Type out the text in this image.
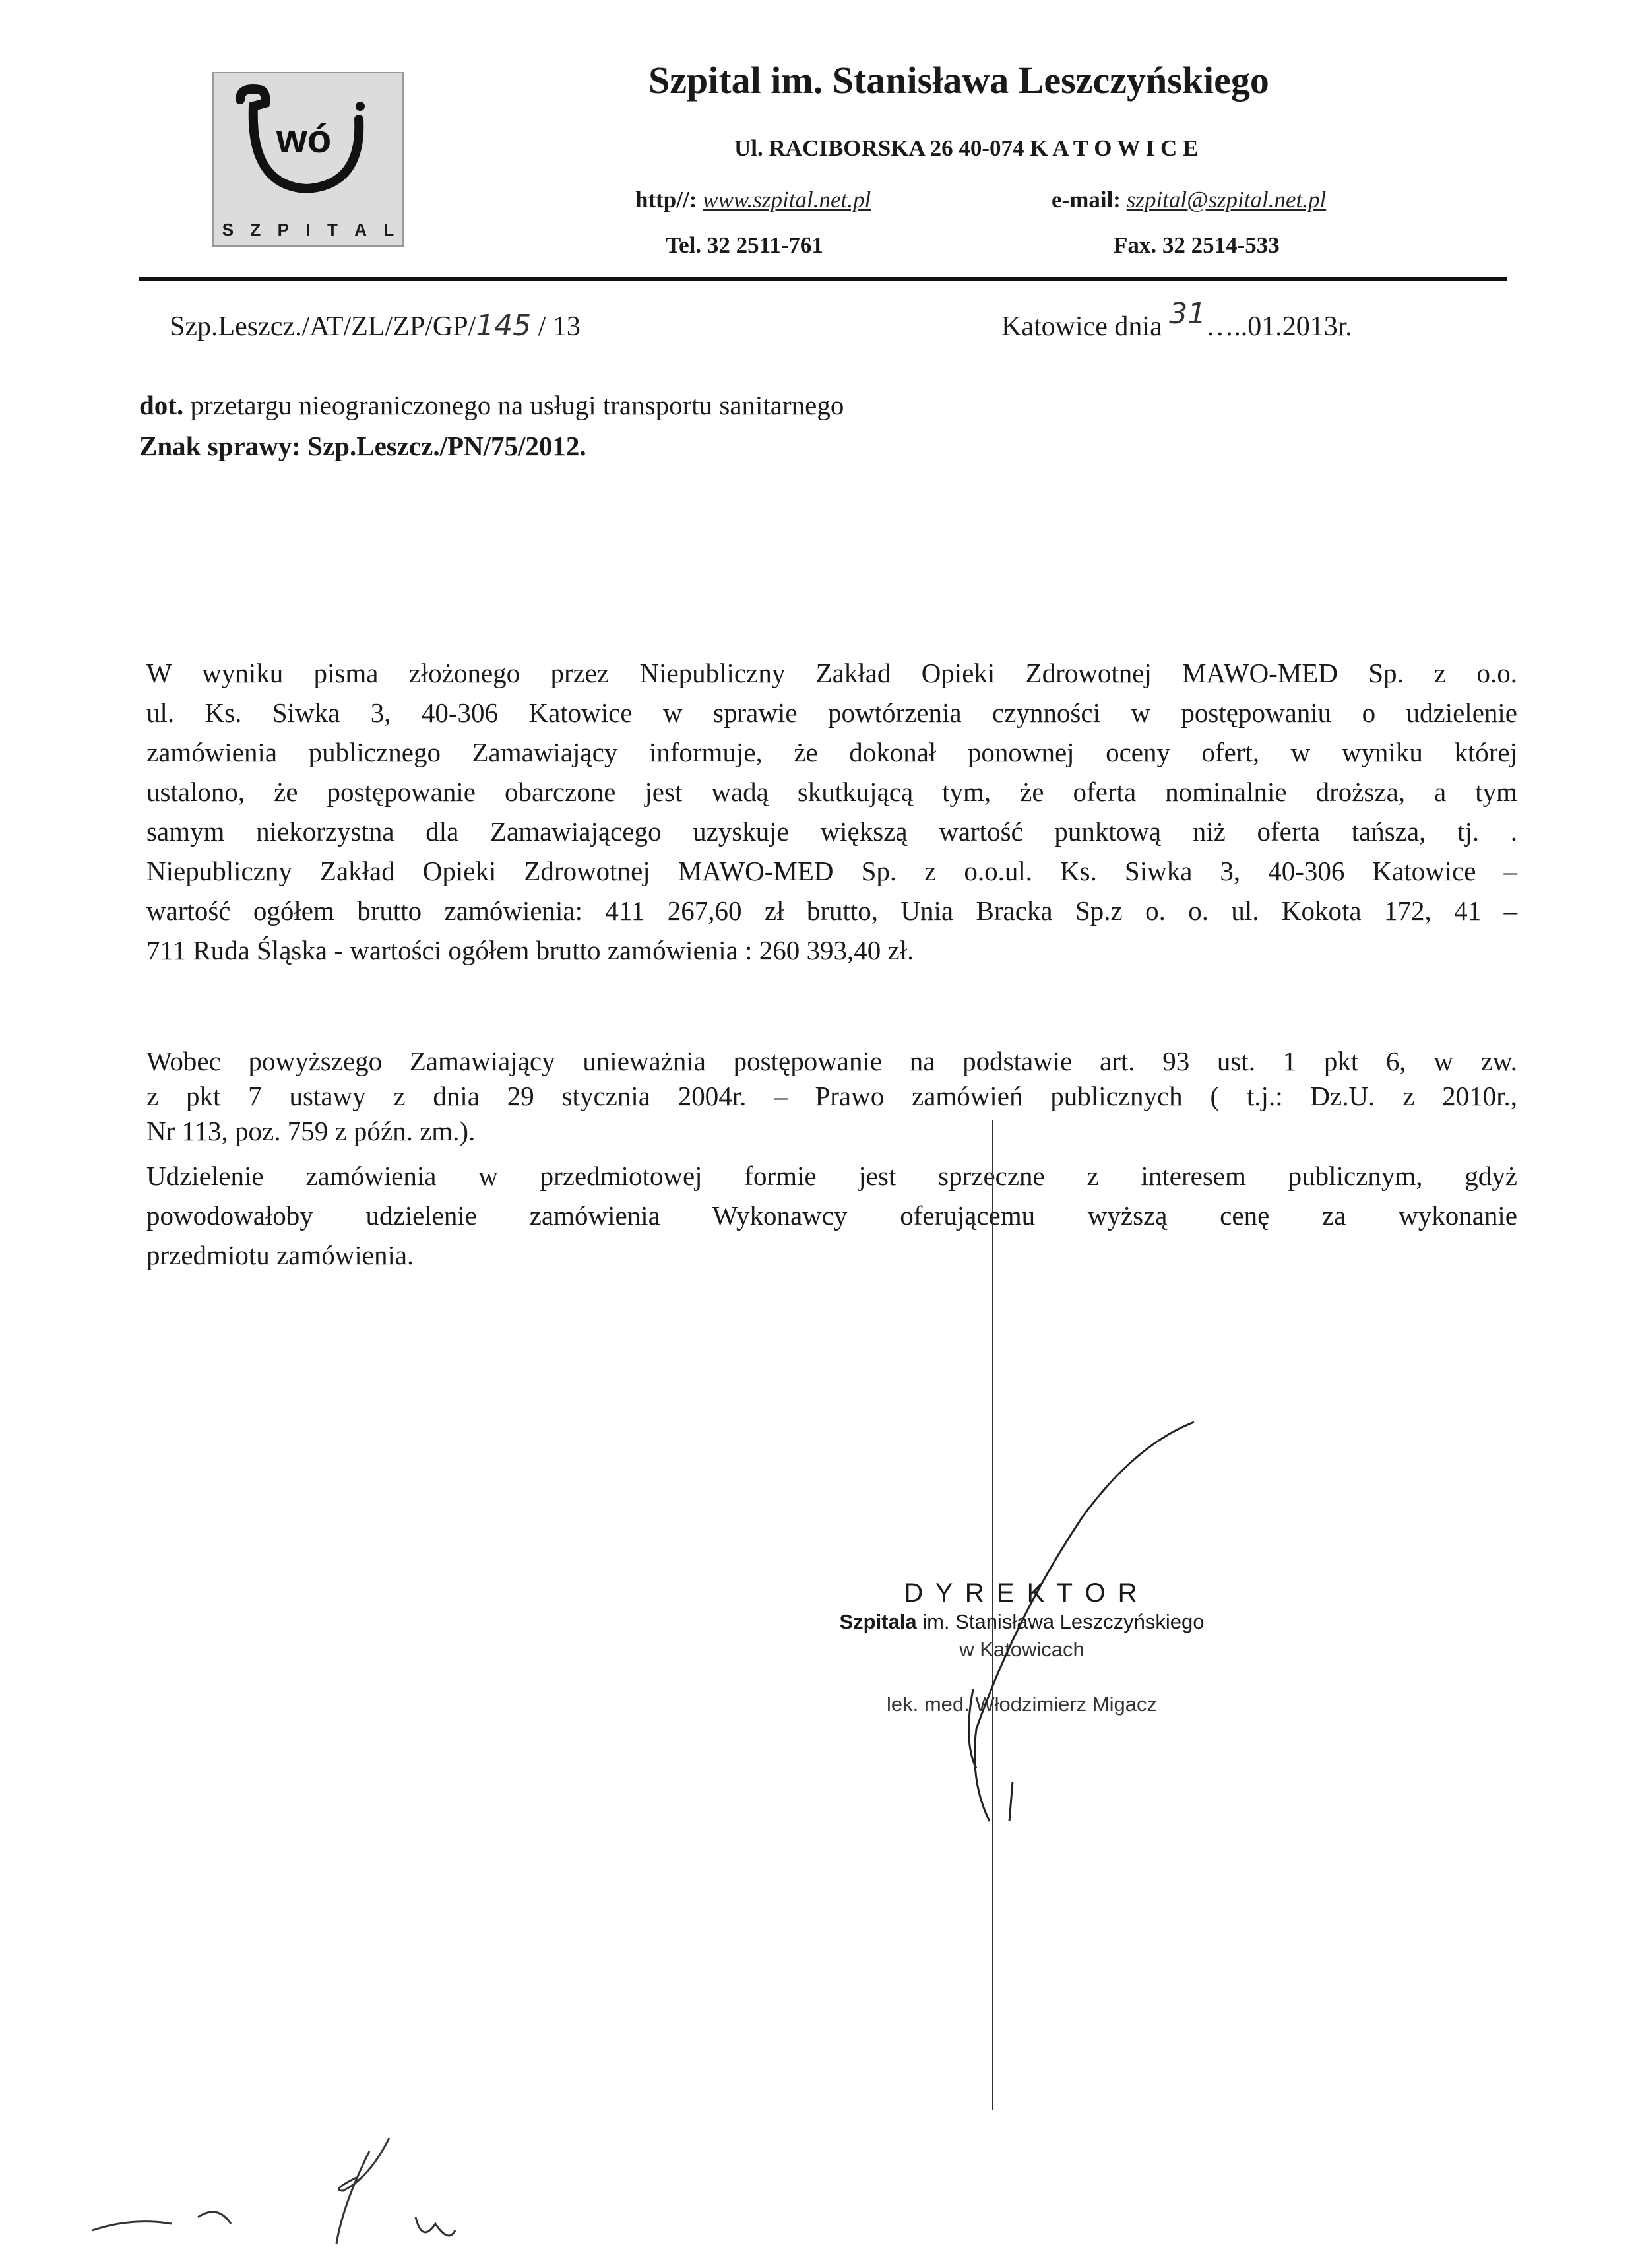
wó
S Z P I T A L
Szpital im. Stanisława Leszczyńskiego
Ul. RACIBORSKA 26 40-074 K A T O W I C E
http//: www.szpital.net.pl	e-mail: szpital@szpital.net.pl
Tel. 32 2511-761	Fax. 32 2514-533
Szp.Leszcz./AT/ZL/ZP/GP/145 / 13	Katowice dnia 31…..01.2013r.
dot. przetargu nieograniczonego na usługi transportu sanitarnego
Znak sprawy: Szp.Leszcz./PN/75/2012.
W wyniku pisma złożonego przez Niepubliczny Zakład Opieki Zdrowotnej MAWO-MED Sp. z o.o.
ul. Ks. Siwka 3, 40-306 Katowice w sprawie powtórzenia czynności w postępowaniu o udzielenie
zamówienia publicznego Zamawiający informuje, że dokonał ponownej oceny ofert, w wyniku której
ustalono, że postępowanie obarczone jest wadą skutkującą tym, że oferta nominalnie droższa, a tym
samym niekorzystna dla Zamawiającego uzyskuje większą wartość punktową niż oferta tańsza, tj. .
Niepubliczny Zakład Opieki Zdrowotnej MAWO-MED Sp. z o.o.ul. Ks. Siwka 3, 40-306 Katowice –
wartość ogółem brutto zamówienia: 411 267,60 zł brutto, Unia Bracka Sp.z o. o. ul. Kokota 172, 41 –
711 Ruda Śląska - wartości ogółem brutto zamówienia : 260 393,40 zł.
Wobec powyższego Zamawiający unieważnia postępowanie na podstawie art. 93 ust. 1 pkt 6, w zw.
z pkt 7 ustawy z dnia 29 stycznia 2004r. – Prawo zamówień publicznych ( t.j.: Dz.U. z 2010r.,
Nr 113, poz. 759 z późn. zm.).
Udzielenie zamówienia w przedmiotowej formie jest sprzeczne z interesem publicznym, gdyż
powodowałoby udzielenie zamówienia Wykonawcy oferującemu wyższą cenę za wykonanie
przedmiotu zamówienia.
D Y R E K T O R
Szpitala im. Stanisława Leszczyńskiego
w Katowicach
lek. med. Włodzimierz Migacz
